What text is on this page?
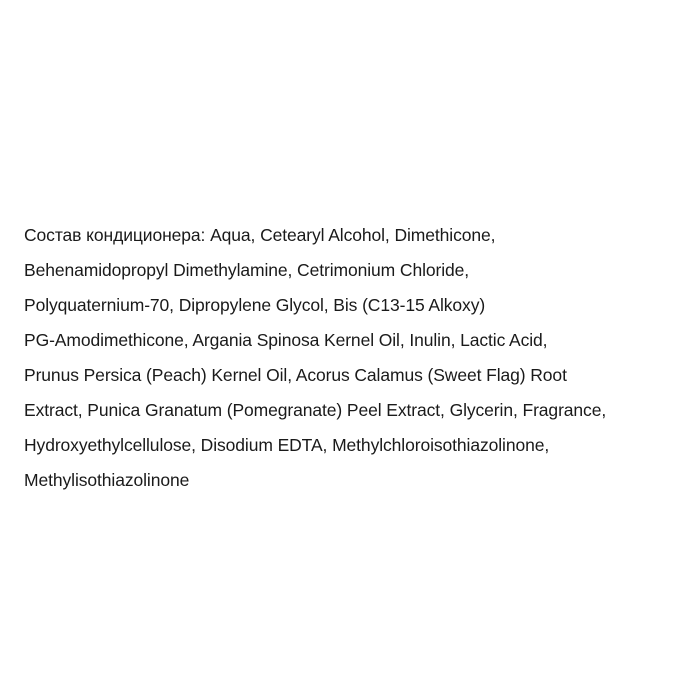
Состав кондиционера: Aqua, Cetearyl Alcohol, Dimethicone,
Behenamidopropyl Dimethylamine, Cetrimonium Chloride,
Polyquaternium-70, Dipropylene Glycol, Bis (C13-15 Alkoxy)
PG-Amodimethicone, Argania Spinosa Kernel Oil, Inulin, Lactic Acid,
Prunus Persica (Peach) Kernel Oil, Acorus Calamus (Sweet Flag) Root
Extract, Punica Granatum (Pomegranate) Peel Extract, Glycerin, Fragrance,
Hydroxyethylcellulose, Disodium EDTA, Methylchloroisothiazolinone,
Methylisothiazolinone
